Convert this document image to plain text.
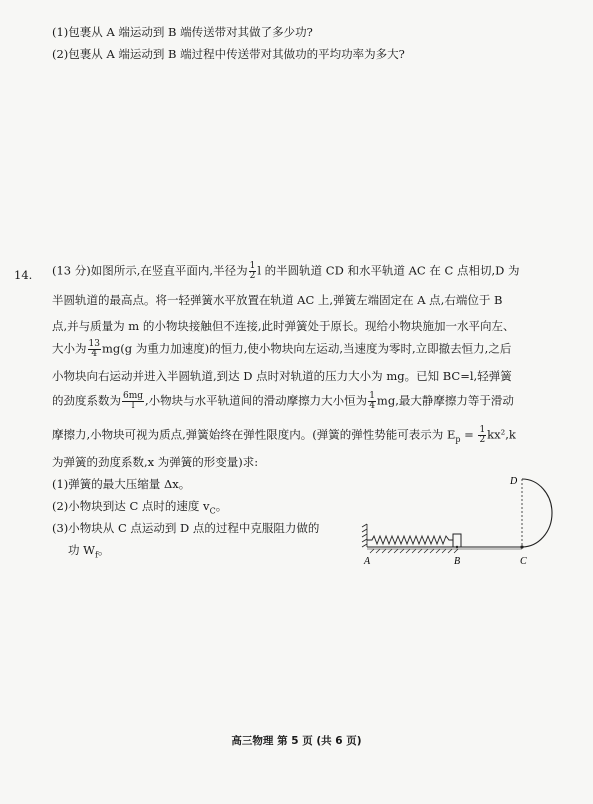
(1)包裹从 A 端运动到 B 端传送带对其做了多少功?
(2)包裹从 A 端运动到 B 端过程中传送带对其做功的平均功率为多大?
14. (13 分)如图所示,在竖直平面内,半径为 $\frac{1}{2}$ l 的半圆轨道 CD 和水平轨道 AC 在 C 点相切,D 为
半圆轨道的最高点。将一轻弹簧水平放置在轨道 AC 上,弹簧左端固定在 A 点,右端位于 B
点,并与质量为 m 的小物块接触但不连接,此时弹簧处于原长。现给小物块施加一水平向左、
大小为 $\frac{13}{4} mg(g$ 为重力加速度)的恒力,使小物块向左运动,当速度为零时,立即撤去恒力,之后
小物块向右运动并进入半圆轨道,到达 D 点时对轨道的压力大小为 mg。已知 BC=l,轻弹簧
的劲度系数为 $\frac{6mg}{l}$ ,小物块与水平轨道间的滑动摩擦力大小恒为 $\frac{1}{4}$ mg,最大静摩擦力等于滑动
摩擦力,小物块可视为质点,弹簧始终在弹性限度内。(弹簧的弹性势能可表示为 $E_p = \frac{1}{2} kx^2,k$
为弹簧的劲度系数,x 为弹簧的形变量)求:
(1)弹簧的最大压缩量 Δx。
(2)小物块到达 C 点时的速度 $v_C$。
(3)小物块从 C 点运动到 D 点的过程中克服阻力做的
功 $W_f$。
A	B	C
D
高三物理 第 5 页 (共 6 页)
